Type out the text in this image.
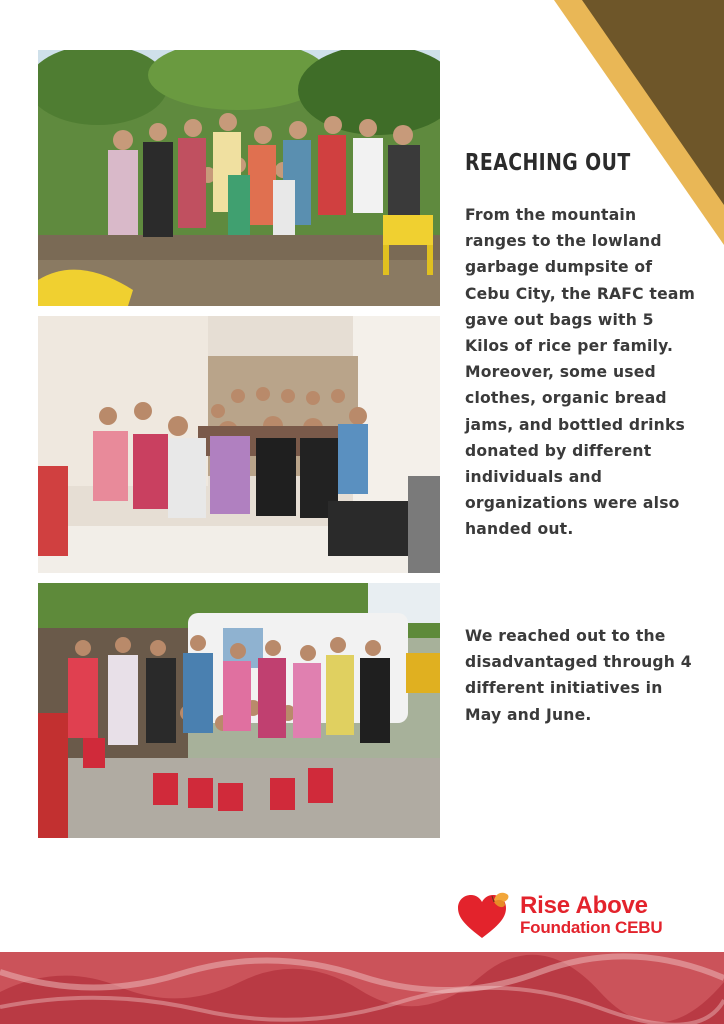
REACHING OUT

From the mountain ranges to the lowland garbage dumpsite of Cebu City, the RAFC team gave out bags with 5 Kilos of rice per family. Moreover, some used clothes, organic bread jams, and bottled drinks donated by different individuals and organizations were also handed out.

We reached out to the disadvantaged through 4 different initiatives in May and June.

Rise Above
Foundation CEBU
